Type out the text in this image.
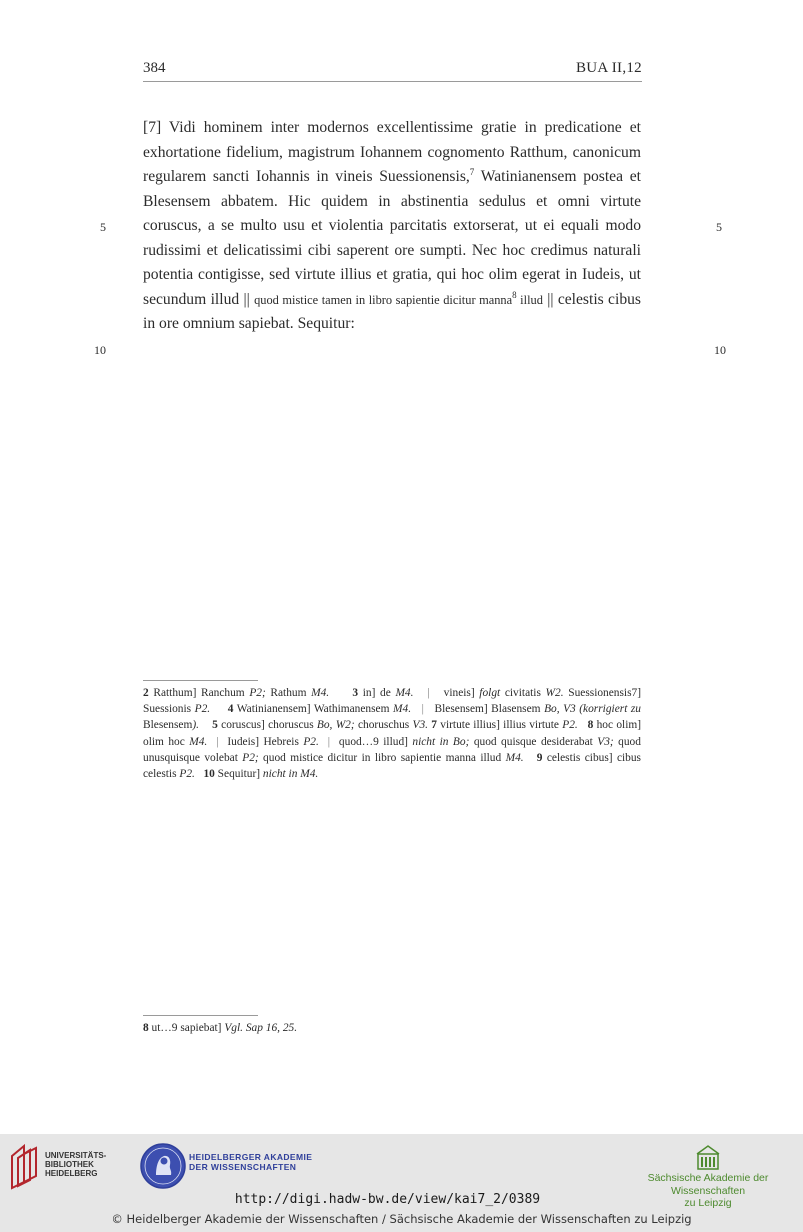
384	BUA II,12
[7] Vidi hominem inter modernos excellentissime gratie in predicatione et exhortatione fidelium, magistrum Iohannem cognomento Ratthum, canonicum regularem sancti Iohannis in vineis Suessionensis,$^7$ Watinianensem postea et Blesensem abbatem. Hic quidem in abstinentia sedulus et omni virtute coruscus, a se multo usu et violentia parcitatis extorserat, ut ei equali modo rudissimi et delicatissimi cibi saperent ore sumpti. Nec hoc credimus naturali potentia contigisse, sed virtute illius et gratia, qui hoc olim egerat in Iudeis, ut secundum illud || quod mistice tamen in libro sapientie dicitur manna$^8$ illud || celestis cibus in ore omnium sapiebat. Sequitur:
5	5
10	10
2 Ratthum] Ranchum P2; Rathum M4. 3 in] de M4. |   vineis] folgt civitatis W2. Suessionensis7] Suessionis P2. 4 Watinianensem] Wathimanensem M4. |   Blesensem] Blasensem Bo, V3 (korrigiert zu Blesensem). 5 coruscus] choruscus Bo, W2; choruschus V3. 7 virtute illius] illius virtute P2. 8 hoc olim] olim hoc M4. |  Iudeis] Hebreis P2. |  quod…9 illud] nicht in Bo; quod quisque desiderabat V3; quod unusquisque volebat P2; quod mistice dicitur in libro sapientie manna illud M4. 9 celestis cibus] cibus celestis P2. 10 Sequitur] nicht in M4.
8 ut…9 sapiebat] Vgl. Sap 16, 25.
UNIVERSITÄTS-
BIBLIOTHEK
HEIDELBERG
HEIDELBERGER AKADEMIE
DER WISSENSCHAFTEN
Sächsische Akademie der Wissenschaften
zu Leipzig
http://digi.hadw-bw.de/view/kai7_2/0389
© Heidelberger Akademie der Wissenschaften / Sächsische Akademie der Wissenschaften zu Leipzig
